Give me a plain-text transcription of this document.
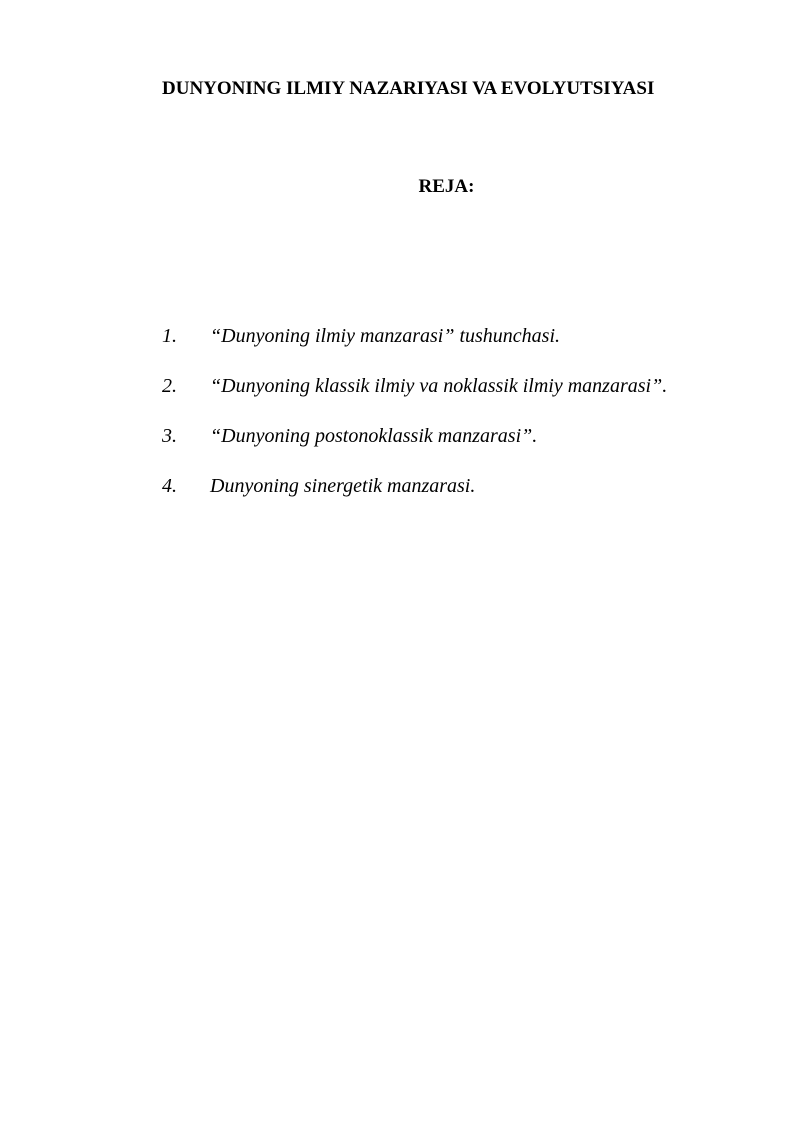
DUNYONING ILMIY NAZARIYASI VA EVOLYUTSIYASI
REJA:
1. “Dunyoning ilmiy manzarasi” tushunchasi.
2. “Dunyoning klassik ilmiy va noklassik ilmiy manzarasi”.
3. “Dunyoning postonoklassik manzarasi”.
4. Dunyoning sinergetik manzarasi.
